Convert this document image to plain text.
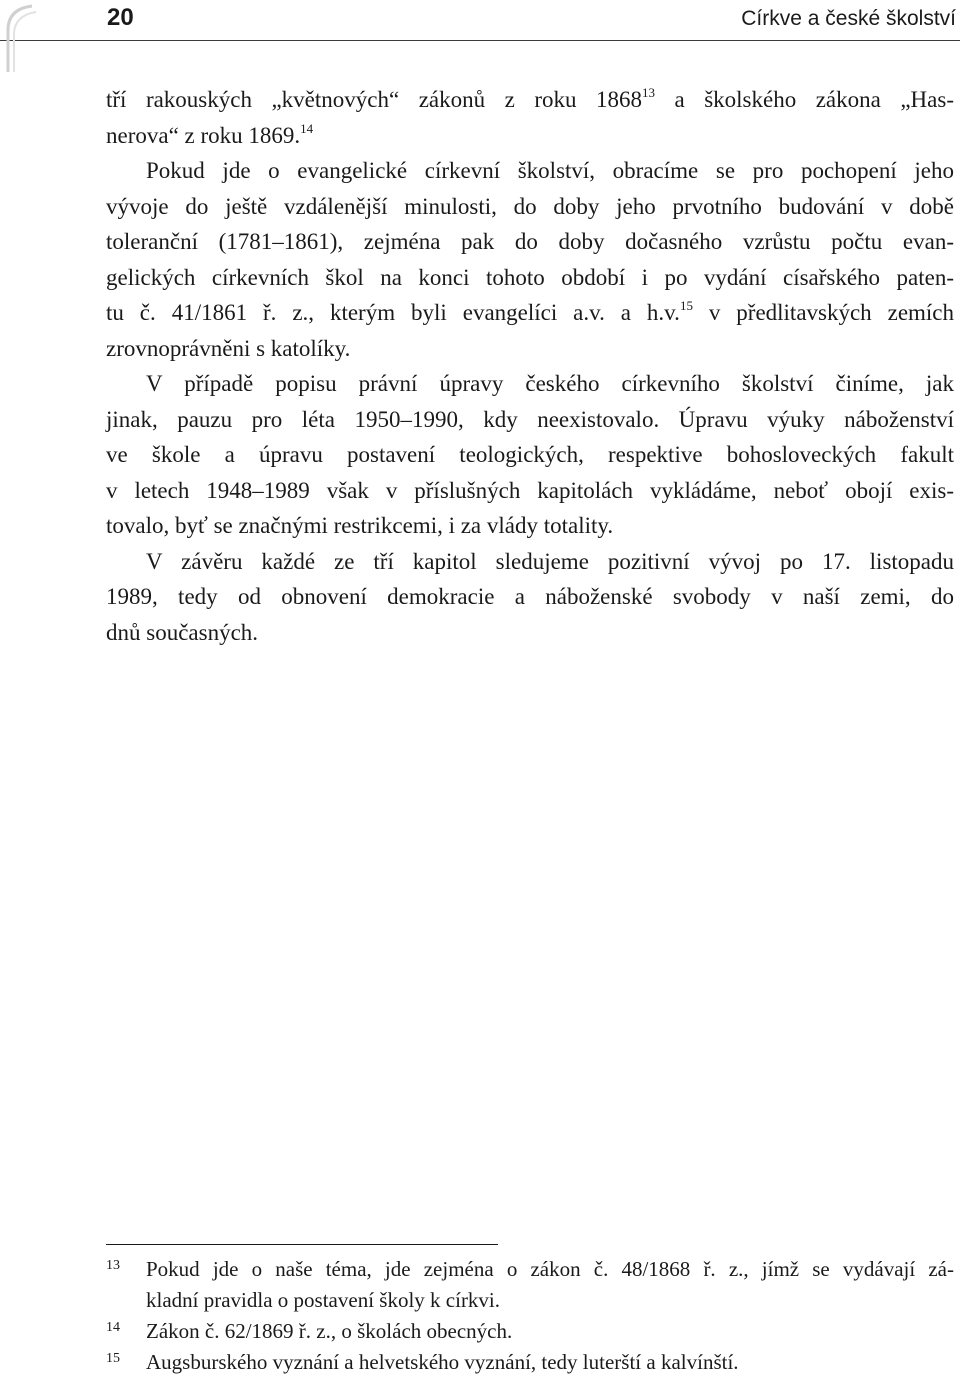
20	Církve a české školství
tří rakouských „květnových“ zákonů z roku 1868$^{13}$ a školského zákona „Has-
nerova“ z roku 1869.14
Pokud jde o evangelické církevní školství, obracíme se pro pochopení jeho
vývoje do ještě vzdálenější minulosti, do doby jeho prvotního budování v době
toleranční (1781–1861), zejména pak do doby dočasného vzrůstu počtu evan-
gelických církevních škol na konci tohoto období i po vydání císařského paten-
tu č. 41/1861 ř. z., kterým byli evangelíci a.v. a h.v.$^{15}$ v předlitavských zemích
zrovnoprávněni s katolíky.
V případě popisu právní úpravy českého církevního školství činíme, jak
jinak, pauzu pro léta 1950–1990, kdy neexistovalo. Úpravu výuky náboženství
ve škole a úpravu postavení teologických, respektive bohosloveckých fakult
v letech 1948–1989 však v příslušných kapitolách vykládáme, neboť obojí exis-
tovalo, byť se značnými restrikcemi, i za vlády totality.
V závěru každé ze tří kapitol sledujeme pozitivní vývoj po 17. listopadu
1989, tedy od obnovení demokracie a náboženské svobody v naší zemi, do
dnů současných.
13 Pokud jde o naše téma, jde zejména o zákon č. 48/1868 ř. z., jímž se vydávají zá-
kladní pravidla o postavení školy k církvi.
14 Zákon č. 62/1869 ř. z., o školách obecných.
15 Augsburského vyznání a helvetského vyznání, tedy luterští a kalvínští.
